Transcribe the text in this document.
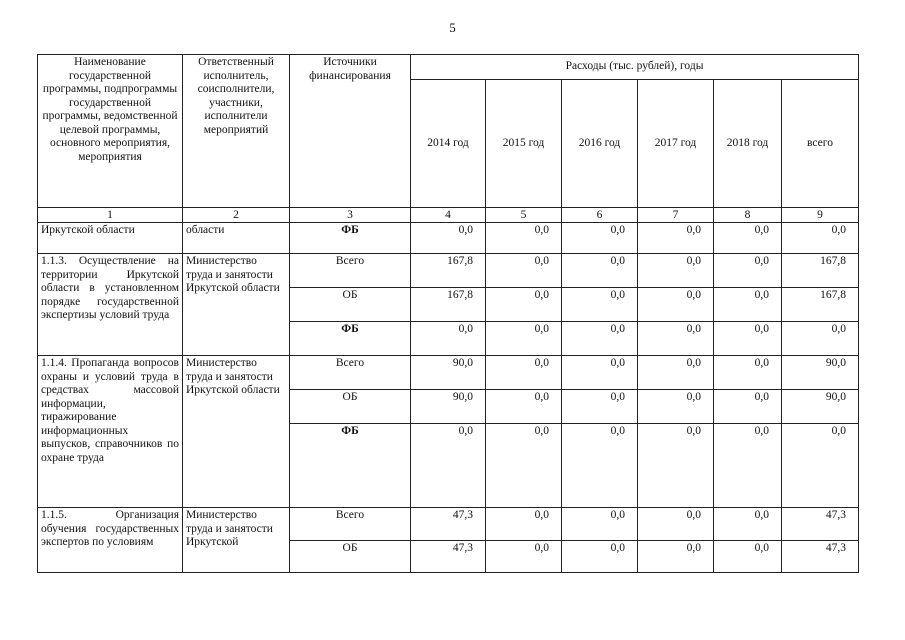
5
Наименование государственной программы, подпрограммы государственной программы, ведомственной целевой программы, основного мероприятия, мероприятия	Ответственный исполнитель, соисполнители, участники, исполнители мероприятий	Источники финансирования	Расходы (тыс. рублей), годы					
			2014 год	2015 год	2016 год	2017 год	2018 год	всего
1	2	3	4	5	6	7	8	9
Иркутской области	области	ФБ	0,0	0,0	0,0	0,0	0,0	0,0
1.1.3. Осуществление на территории Иркутской области в установленном порядке государственной экспертизы условий труда	Министерство труда и занятости Иркутской области	Всего	167,8	0,0	0,0	0,0	0,0	167,8
		ОБ	167,8	0,0	0,0	0,0	0,0	167,8
		ФБ	0,0	0,0	0,0	0,0	0,0	0,0
1.1.4. Пропаганда вопросов охраны и условий труда в средствах массовой информации, тиражирование информационных выпусков, справочников по охране труда	Министерство труда и занятости Иркутской области	Всего	90,0	0,0	0,0	0,0	0,0	90,0
		ОБ	90,0	0,0	0,0	0,0	0,0	90,0
		ФБ	0,0	0,0	0,0	0,0	0,0	0,0
1.1.5. Организация обучения государственных экспертов по условиям	Министерство труда и занятости Иркутской	Всего	47,3	0,0	0,0	0,0	0,0	47,3
		ОБ	47,3	0,0	0,0	0,0	0,0	47,3
